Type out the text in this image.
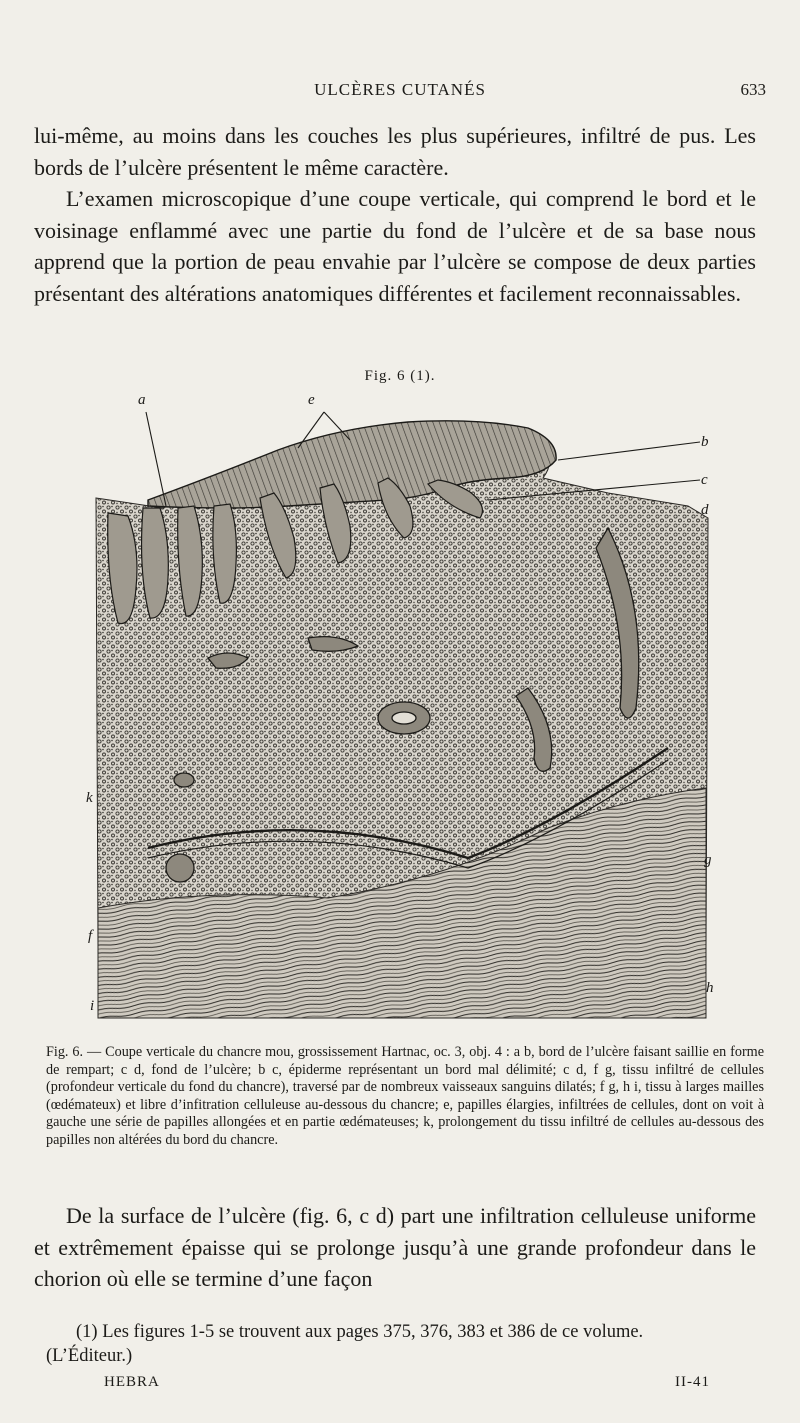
ULCÈRES CUTANÉS	633

lui-même, au moins dans les couches les plus supérieures, infiltré de pus. Les bords de l’ulcère présentent le même caractère.

L’examen microscopique d’une coupe verticale, qui comprend le bord et le voisinage enflammé avec une partie du fond de l’ulcère et de sa base nous apprend que la portion de peau envahie par l’ulcère se compose de deux parties présentant des altérations anatomiques différentes et facilement reconnaissables.

Fig. 6 (1).
a	e
b
c
d
k
g
f
h
i

Fig. 6. — Coupe verticale du chancre mou, grossissement Hartnac, oc. 3, obj. 4 : a b, bord de l’ulcère faisant saillie en forme de rempart; c d, fond de l’ulcère; b c, épiderme représentant un bord mal délimité; c d, f g, tissu infiltré de cellules (profondeur verticale du fond du chancre), traversé par de nombreux vaisseaux sanguins dilatés; f g, h i, tissu à larges mailles (œdémateux) et libre d’infitration celluleuse au-dessous du chancre; e, papilles élargies, infiltrées de cellules, dont on voit à gauche une série de papilles allongées et en partie œdémateuses; k, prolongement du tissu infiltré de cellules au-dessous des papilles non altérées du bord du chancre.

De la surface de l’ulcère (fig. 6, c d) part une infiltration celluleuse uniforme et extrêmement épaisse qui se prolonge jusqu’à une grande profondeur dans le chorion où elle se termine d’une façon

(1) Les figures 1-5 se trouvent aux pages 375, 376, 383 et 386 de ce volume.
(L’Éditeur.)
HEBRA	II-41
